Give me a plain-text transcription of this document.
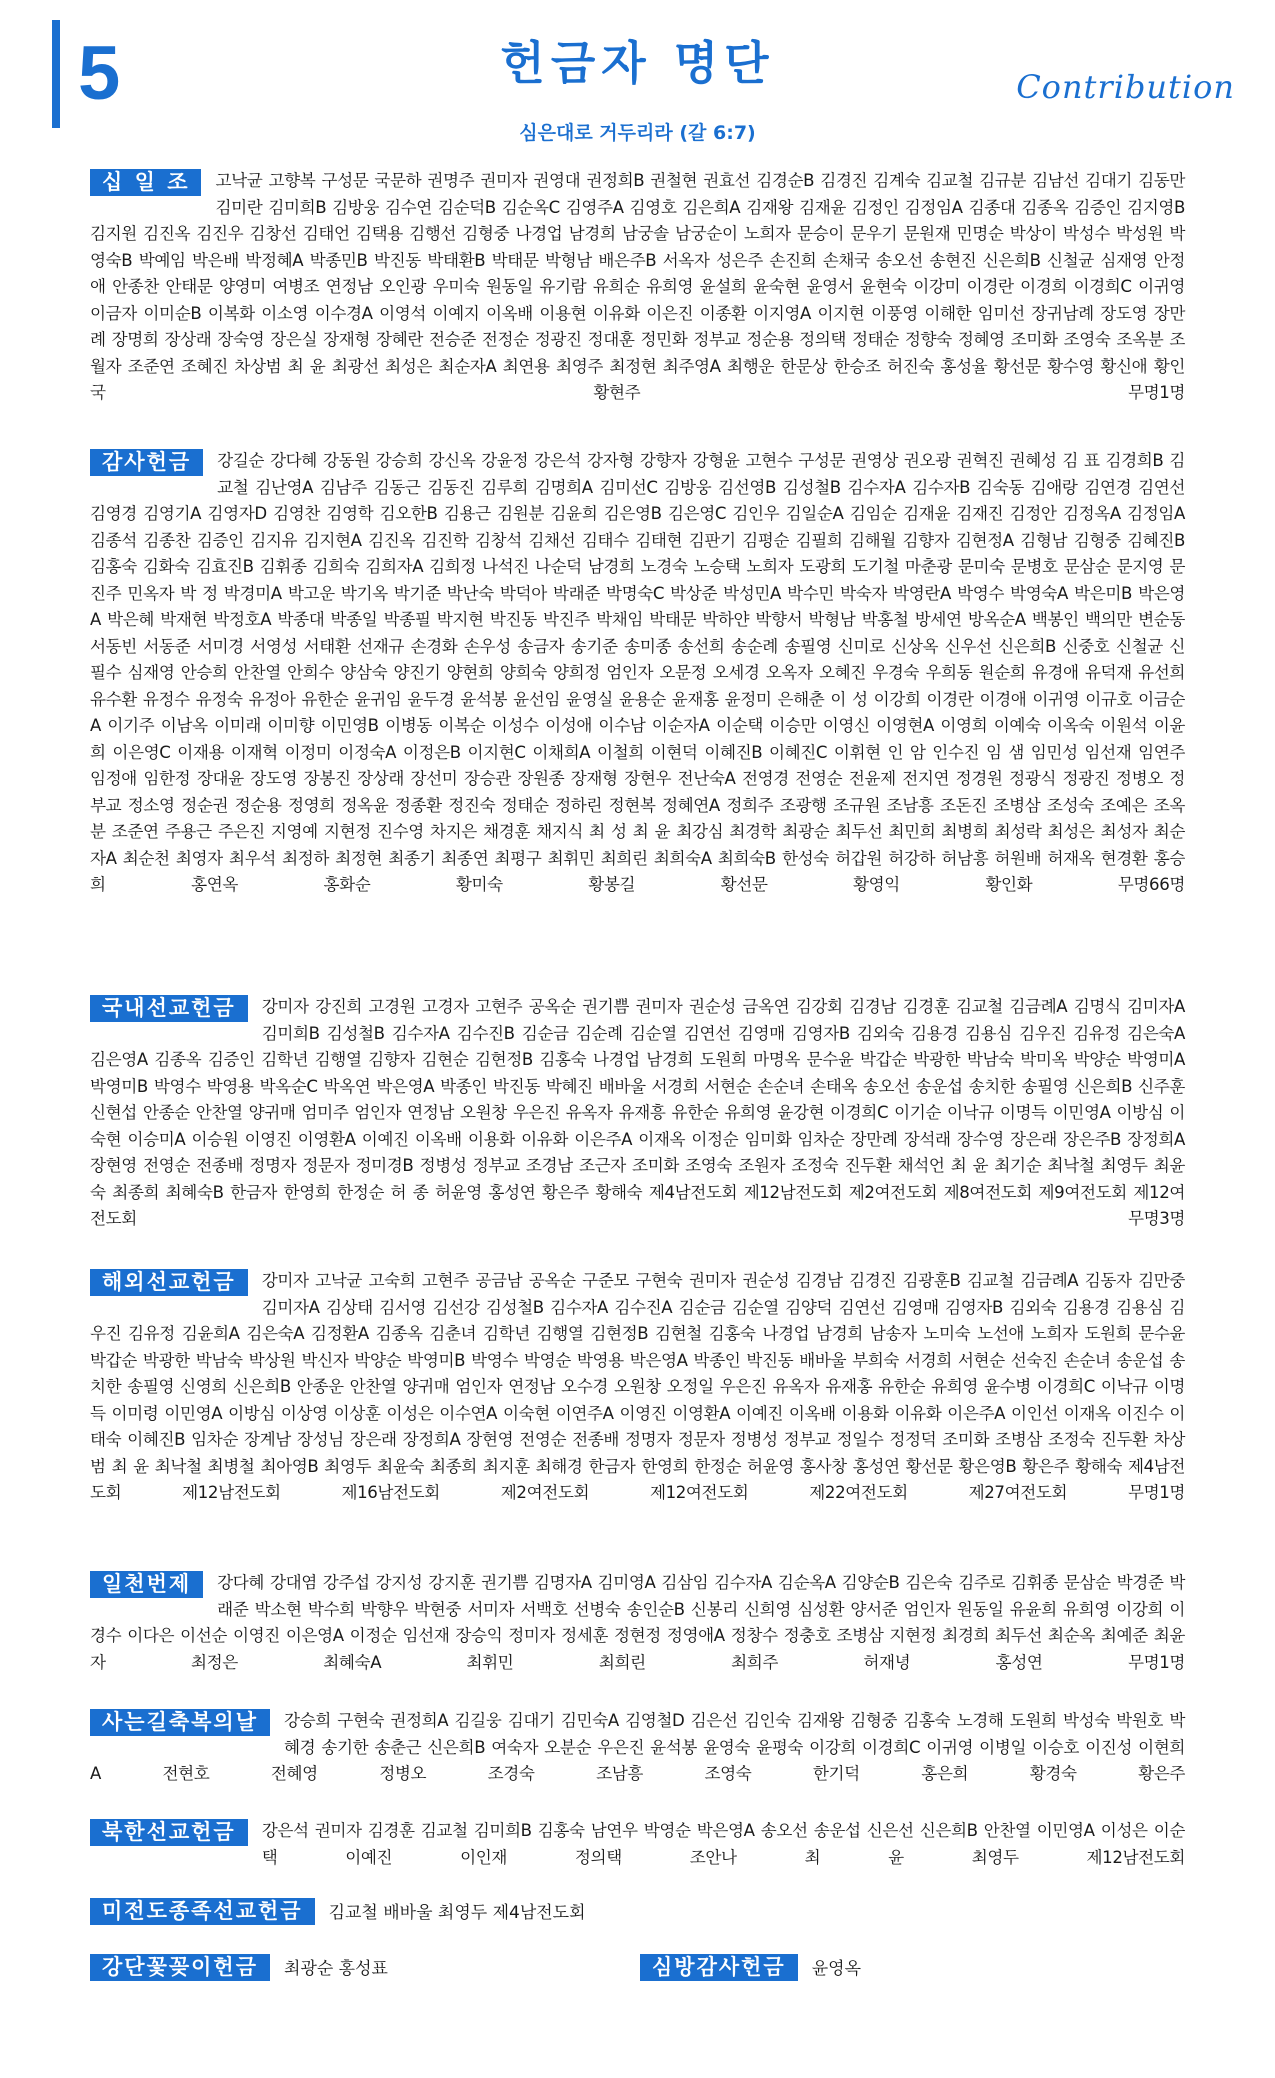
5	헌금자 명단	Contribution
심은대로 거두리라 (갈 6:7)
십 일 조	고낙균 고향복 구성문 국문하 권명주 권미자 권영대 권정희B 권철현 권효선 김경순B 김경진 김계숙 김교철 김규분 김남선 김대기 김동만 김미란 김미희B 김방웅 김수연 김순덕B 김순옥C 김영주A 김영호 김은희A 김재왕 김재윤 김정인 김정임A 김종대 김종옥 김증인 김지영B 김지원 김진옥 김진우 김창선 김태언 김택용 김행선 김형중 나경업 남경희 남궁솔 남궁순이 노희자 문승이 문우기 문원재 민명순 박상이 박성수 박성원 박영숙B 박예임 박은배 박정혜A 박종민B 박진동 박태환B 박태문 박형남 배은주B 서옥자 성은주 손진희 손채국 송오선 송현진 신은희B 신철균 심재영 안정애 안종찬 안태문 양영미 여병조 연정남 오인광 우미숙 원동일 유기람 유희순 유희영 윤설희 윤숙현 윤영서 윤현숙 이강미 이경란 이경희 이경희C 이귀영 이금자 이미순B 이복화 이소영 이수경A 이영석 이예지 이옥배 이용현 이유화 이은진 이종환 이지영A 이지현 이풍영 이해한 임미선 장귀남례 장도영 장만례 장명희 장상래 장숙영 장은실 장재형 장혜란 전승준 전정순 정광진 정대훈 정민화 정부교 정순용 정의택 정태순 정향숙 정혜영 조미화 조영숙 조옥분 조월자 조준연 조혜진 차상범 최 윤 최광선 최성은 최순자A 최연용 최영주 최정현 최주영A 최행운 한문상 한승조 허진숙 홍성율 황선문 황수영 황신애 황인국 황현주 무명1명
감사헌금	강길순 강다혜 강동원 강승희 강신옥 강윤정 강은석 강자형 강향자 강형윤 고현수 구성문 권영상 권오광 권혁진 권혜성 김 표 김경희B 김교철 김난영A 김남주 김동근 김동진 김루희 김명희A 김미선C 김방웅 김선영B 김성철B 김수자A 김수자B 김숙동 김애랑 김연경 김연선 김영경 김영기A 김영자D 김영찬 김영학 김오한B 김용근 김원분 김윤희 김은영B 김은영C 김인우 김일순A 김임순 김재윤 김재진 김정안 김정옥A 김정임A 김종석 김종찬 김증인 김지유 김지현A 김진옥 김진학 김창석 김채선 김태수 김태현 김판기 김평순 김필희 김해월 김향자 김현정A 김형남 김형중 김혜진B 김홍숙 김화숙 김효진B 김휘종 김희숙 김희자A 김희정 나석진 나순덕 남경희 노경숙 노승택 노희자 도광희 도기철 마춘광 문미숙 문병호 문삼순 문지영 문진주 민옥자 박 정 박경미A 박고운 박기옥 박기준 박난숙 박덕아 박래준 박명숙C 박상준 박성민A 박수민 박숙자 박영란A 박영수 박영숙A 박은미B 박은영A 박은혜 박재현 박정호A 박종대 박종일 박종필 박지현 박진동 박진주 박채임 박태문 박하얀 박향서 박형남 박홍철 방세연 방옥순A 백봉인 백의만 변순동 서동빈 서동준 서미경 서영성 서태환 선재규 손경화 손우성 송금자 송기준 송미종 송선희 송순례 송필영 신미로 신상옥 신우선 신은희B 신중호 신철균 신필수 심재영 안승희 안찬열 안희수 양삼숙 양진기 양현희 양희숙 양희정 엄인자 오문정 오세경 오옥자 오혜진 우경숙 우희동 원순희 유경애 유덕재 유선희 유수환 유정수 유정숙 유정아 유한순 윤귀임 윤두경 윤석봉 윤선임 윤영실 윤용순 윤재홍 윤정미 은해춘 이 성 이강희 이경란 이경애 이귀영 이규호 이금순A 이기주 이남옥 이미래 이미향 이민영B 이병동 이복순 이성수 이성애 이수남 이순자A 이순택 이승만 이영신 이영현A 이영희 이예숙 이옥숙 이원석 이윤희 이은영C 이재용 이재혁 이정미 이정숙A 이정은B 이지현C 이채희A 이철희 이현덕 이혜진B 이혜진C 이휘현 인 암 인수진 임 샘 임민성 임선재 임연주 임정애 임한정 장대윤 장도영 장봉진 장상래 장선미 장승관 장원종 장재형 장현우 전난숙A 전영경 전영순 전윤제 전지연 정경원 정광식 정광진 정병오 정부교 정소영 정순권 정순용 정영희 정옥윤 정종환 정진숙 정태순 정하린 정현복 정혜연A 정희주 조광행 조규원 조남흥 조돈진 조병삼 조성숙 조예은 조옥분 조준연 주용근 주은진 지영예 지현정 진수영 차지은 채경훈 채지식 최 성 최 윤 최강심 최경학 최광순 최두선 최민희 최병희 최성락 최성은 최성자 최순자A 최순천 최영자 최우석 최정하 최정현 최종기 최종연 최평구 최휘민 최희린 최희숙A 최희숙B 한성숙 허갑원 허강하 허남흥 허원배 허재옥 현경환 홍승희 홍연옥 홍화순 황미숙 황봉길 황선문 황영익 황인화 무명66명
국내선교헌금	강미자 강진희 고경원 고경자 고현주 공옥순 권기쁨 권미자 권순성 금옥연 김강회 김경남 김경훈 김교철 김금례A 김명식 김미자A 김미희B 김성철B 김수자A 김수진B 김순금 김순례 김순열 김연선 김영매 김영자B 김외숙 김용경 김용심 김우진 김유정 김은숙A 김은영A 김종옥 김증인 김학년 김행열 김향자 김현순 김현정B 김홍숙 나경업 남경희 도원희 마명옥 문수윤 박갑순 박광한 박남숙 박미옥 박양순 박영미A 박영미B 박영수 박영용 박옥순C 박옥연 박은영A 박종인 박진동 박혜진 배바울 서경희 서현순 손순녀 손태옥 송오선 송운섭 송치한 송필영 신은희B 신주훈 신현섭 안종순 안찬열 양귀매 엄미주 엄인자 연정남 오원창 우은진 유옥자 유재흥 유한순 유희영 윤강현 이경희C 이기순 이낙규 이명득 이민영A 이방심 이숙현 이승미A 이승원 이영진 이영환A 이예진 이옥배 이용화 이유화 이은주A 이재옥 이정순 임미화 임차순 장만례 장석래 장수영 장은래 장은주B 장정희A 장현영 전영순 전종배 정명자 정문자 정미경B 정병성 정부교 조경남 조근자 조미화 조영숙 조원자 조정숙 진두환 채석언 최 윤 최기순 최낙철 최영두 최윤숙 최종희 최혜숙B 한금자 한영희 한정순 허 종 허윤영 홍성연 황은주 황해숙 제4남전도회 제12남전도회 제2여전도회 제8여전도회 제9여전도회 제12여전도회 무명3명
해외선교헌금	강미자 고낙균 고숙희 고현주 공금남 공옥순 구준모 구현숙 권미자 권순성 김경남 김경진 김광훈B 김교철 김금례A 김동자 김만중 김미자A 김상태 김서영 김선강 김성철B 김수자A 김수진A 김순금 김순열 김양덕 김연선 김영매 김영자B 김외숙 김용경 김용심 김우진 김유정 김윤희A 김은숙A 김정환A 김종옥 김춘녀 김학년 김행열 김현정B 김현철 김홍숙 나경업 남경희 남송자 노미숙 노선애 노희자 도원희 문수윤 박갑순 박광한 박남숙 박상원 박신자 박양순 박영미B 박영수 박영순 박영용 박은영A 박종인 박진동 배바울 부희숙 서경희 서현순 선숙진 손순녀 송운섭 송치한 송필영 신영희 신은희B 안종운 안찬열 양귀매 엄인자 연정남 오수경 오원창 오정일 우은진 유옥자 유재홍 유한순 유희영 윤수병 이경희C 이낙규 이명득 이미령 이민영A 이방심 이상영 이상훈 이성은 이수연A 이숙현 이연주A 이영진 이영환A 이예진 이옥배 이용화 이유화 이은주A 이인선 이재옥 이진수 이태숙 이혜진B 임차순 장계남 장성님 장은래 장정희A 장현영 전영순 전종배 정명자 정문자 정병성 정부교 정일수 정정덕 조미화 조병삼 조정숙 진두환 차상범 최 윤 최낙철 최병철 최아영B 최영두 최윤숙 최종희 최지훈 최해경 한금자 한영희 한정순 허윤영 홍사창 홍성연 황선문 황은영B 황은주 황해숙 제4남전도회 제12남전도회 제16남전도회 제2여전도회 제12여전도회 제22여전도회 제27여전도회 무명1명
일천번제	강다혜 강대염 강주섭 강지성 강지훈 권기쁨 김명자A 김미영A 김삼임 김수자A 김순옥A 김양순B 김은숙 김주로 김휘종 문삼순 박경준 박래준 박소현 박수희 박향우 박현중 서미자 서백호 선병숙 송인순B 신봉리 신희영 심성환 양서준 엄인자 원동일 유윤희 유희영 이강희 이경수 이다은 이선순 이영진 이은영A 이정순 임선재 장승익 정미자 정세훈 정현정 정영애A 정창수 정충호 조병삼 지현정 최경희 최두선 최순옥 최예준 최윤자 최정은 최혜숙A 최휘민 최희린 최희주 허재녕 홍성연 무명1명
사는길축복의날	강승희 구현숙 권정희A 김길웅 김대기 김민숙A 김영철D 김은선 김인숙 김재왕 김형중 김홍숙 노경해 도원희 박성숙 박원호 박혜경 송기한 송춘근 신은희B 여숙자 오분순 우은진 윤석봉 윤영숙 윤평숙 이강희 이경희C 이귀영 이병일 이승호 이진성 이현희A 전현호 전혜영 정병오 조경숙 조남흥 조영숙 한기덕 홍은희 황경숙 황은주
북한선교헌금	강은석 권미자 김경훈 김교철 김미희B 김홍숙 남연우 박영순 박은영A 송오선 송운섭 신은선 신은희B 안찬열 이민영A 이성은 이순택 이예진 이인재 정의택 조안나 최 윤 최영두 제12남전도회
미전도종족선교헌금	김교철 배바울 최영두 제4남전도회
강단꽃꽂이헌금	최광순 홍성표	심방감사헌금	윤영옥
